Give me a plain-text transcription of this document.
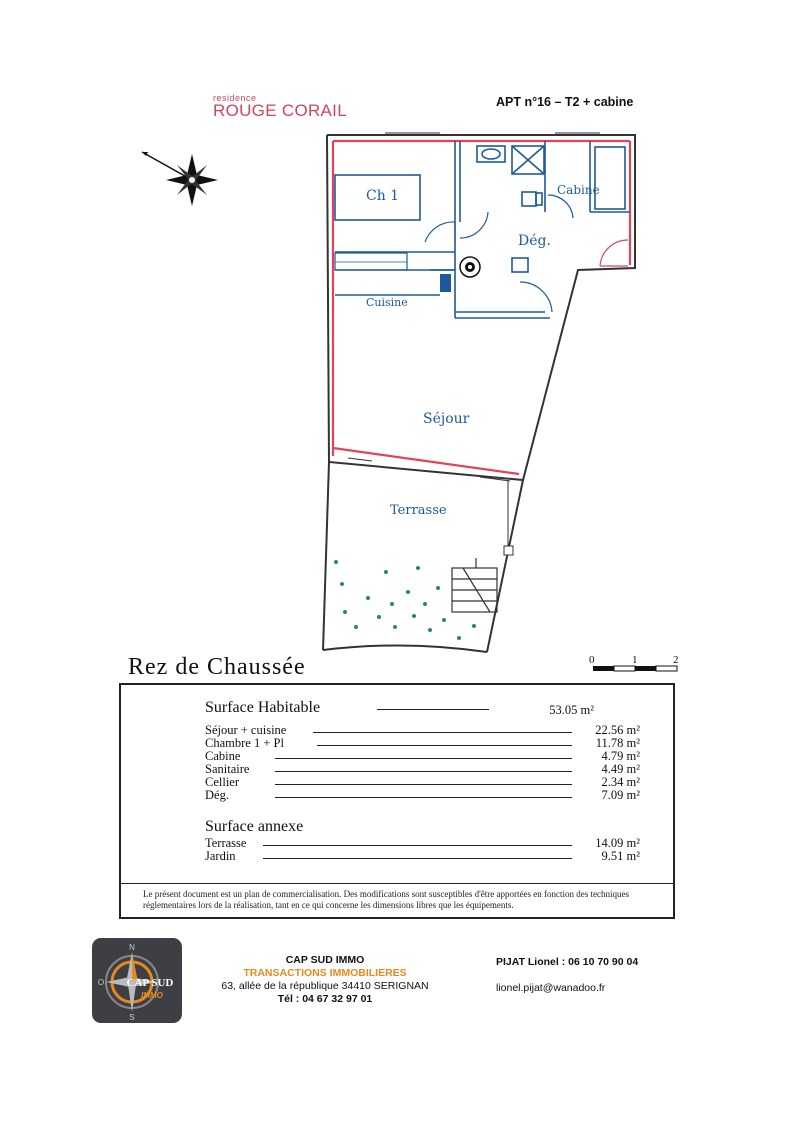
residence
ROUGE CORAIL	APT n°16 – T2 + cabine
Ch 1	Cabine
Dég.
Cuisine
Séjour
Terrasse
Rez de Chaussée	0	1	2
Surface Habitable	53.05 m²
Séjour + cuisine	22.56 m²
Chambre 1 + Pl	11.78 m²
Cabine	4.79 m²
Sanitaire	4.49 m²
Cellier	2.34 m²
Dég.	7.09 m²
Surface annexe
Terrasse	14.09 m²
Jardin	9.51 m²
Le présent document est un plan de commercialisation. Des modifications sont susceptibles d'être apportées en fonction des techniques réglementaires lors de la réalisation, tant en ce qui concerne les dimensions libres que les équipements.
N
S
O CAP SUD
IMMO
CAP SUD IMMO
TRANSACTIONS IMMOBILIERES
63, allée de la république 34410 SERIGNAN
Tél : 04 67 32 97 01
PIJAT Lionel : 06 10 70 90 04
lionel.pijat@wanadoo.fr
